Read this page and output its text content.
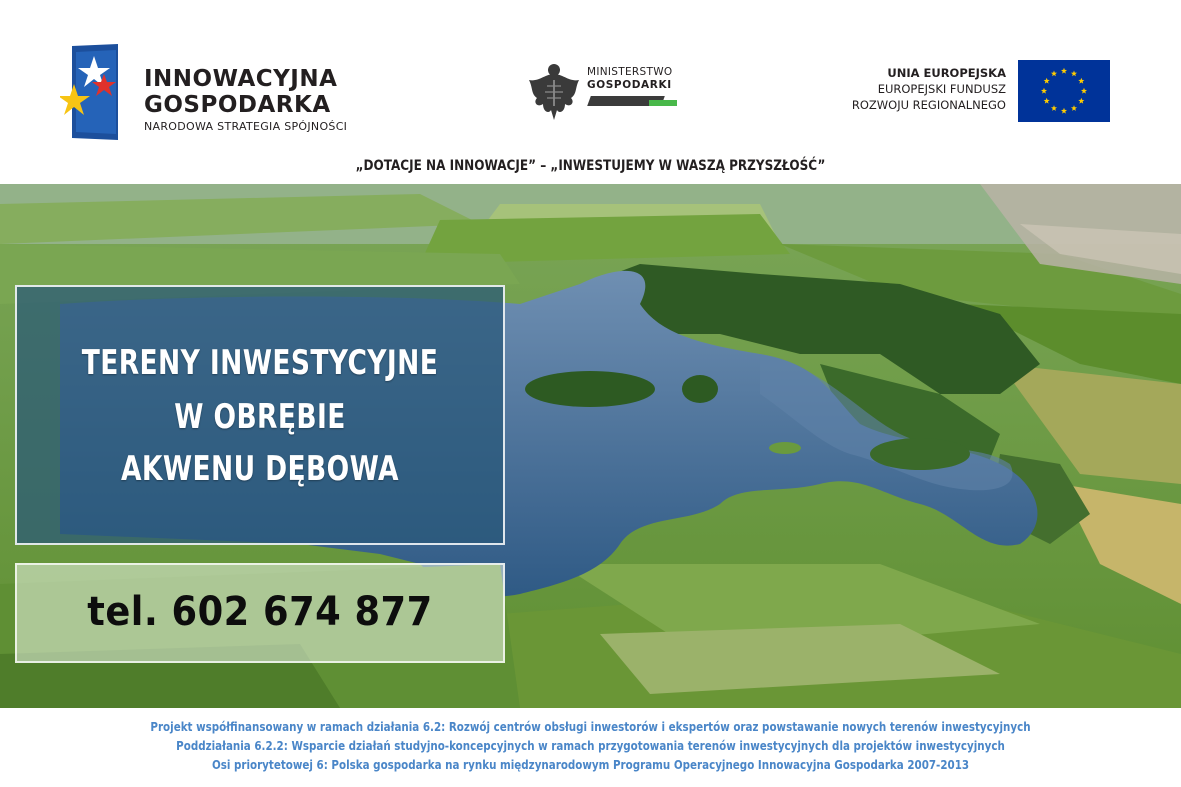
INNOWACYJNA
GOSPODARKA
NARODOWA STRATEGIA SPÓJNOŚCI
MINISTERSTWO
GOSPODARKI
UNIA EUROPEJSKA
EUROPEJSKI FUNDUSZ
ROZWOJU REGIONALNEGO
„DOTACJE NA INNOWACJE” – „INWESTUJEMY W WASZĄ PRZYSZŁOŚĆ”
TERENY INWESTYCYJNE
W OBRĘBIE
AKWENU DĘBOWA
tel. 602 674 877
Projekt współfinansowany w ramach działania 6.2: Rozwój centrów obsługi inwestorów i ekspertów oraz powstawanie nowych terenów inwestycyjnych
Poddziałania 6.2.2: Wsparcie działań studyjno-koncepcyjnych w ramach przygotowania terenów inwestycyjnych dla projektów inwestycyjnych
Osi priorytetowej 6: Polska gospodarka na rynku międzynarodowym Programu Operacyjnego Innowacyjna Gospodarka 2007-2013
